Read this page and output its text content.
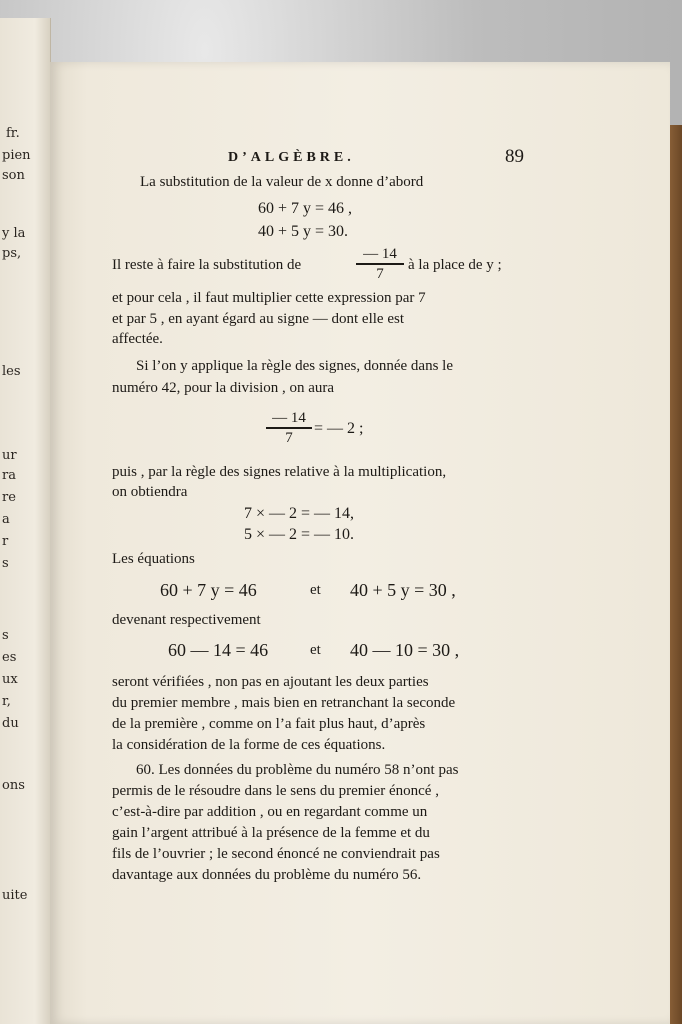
fr.
pien
son
y la
ps,
les
ur
ra
re
a
r
s
s
es
ux
r,
du
ons
uite
D’ALGÈBRE.	89
La substitution de la valeur de x donne d’abord
60 + 7 y = 46 ,
40 + 5 y = 30.
Il reste à faire la substitution de
— 14
7
à la place de y ;
et pour cela , il faut multiplier cette expression par 7
et par 5 , en ayant égard au signe — dont elle est
affectée.
Si l’on y applique la règle des signes, donnée dans le
numéro 42, pour la division , on aura
— 14
7
= — 2 ;
puis , par la règle des signes relative à la multiplication,
on obtiendra
7 × — 2 = — 14,
5 × — 2 = — 10.
Les équations
60 + 7 y = 46	et 40 + 5 y = 30 ,
devenant respectivement
60 — 14 = 46	et 40 — 10 = 30 ,
seront vérifiées , non pas en ajoutant les deux parties
du premier membre , mais bien en retranchant la seconde
de la première , comme on l’a fait plus haut, d’après
la considération de la forme de ces équations.
60. Les données du problème du numéro 58 n’ont pas
permis de le résoudre dans le sens du premier énoncé ,
c’est-à-dire par addition , ou en regardant comme un
gain l’argent attribué à la présence de la femme et du
fils de l’ouvrier ; le second énoncé ne conviendrait pas
davantage aux données du problème du numéro 56.
